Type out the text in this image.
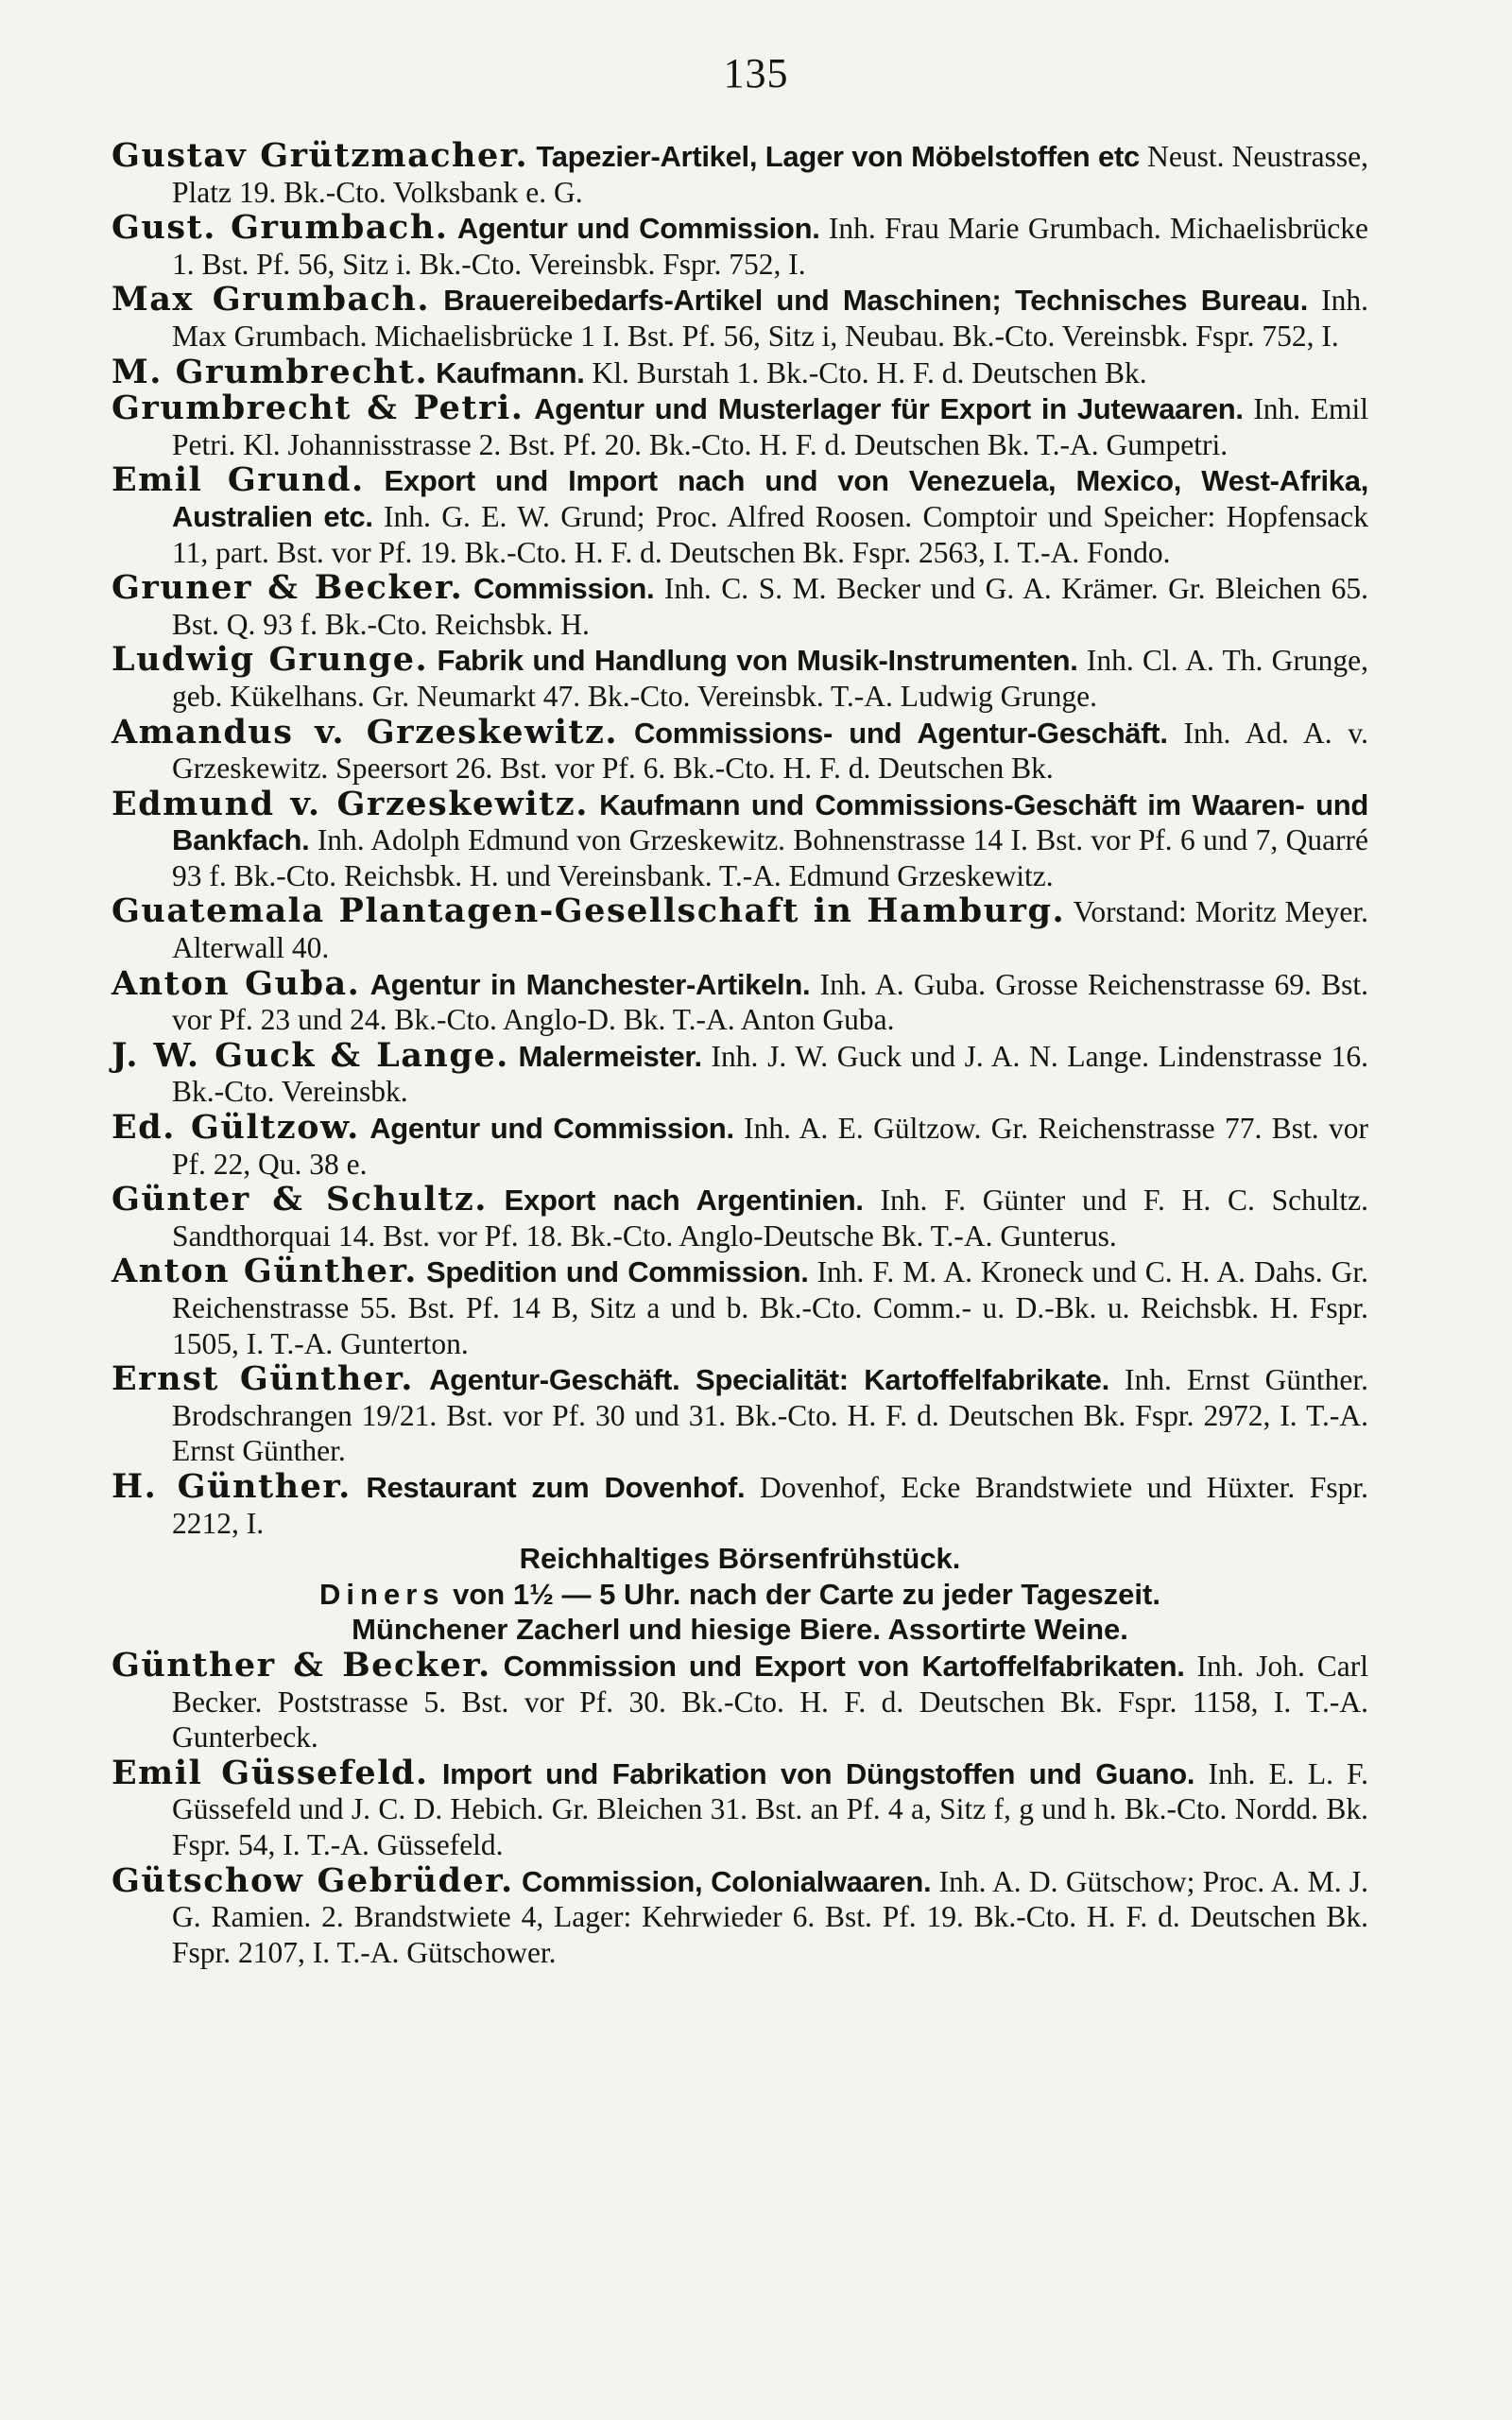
135

Gustav Grützmacher. Tapezier-Artikel, Lager von Möbelstoffen etc Neust. Neustrasse, Platz 19. Bk.-Cto. Volksbank e. G.

Gust. Grumbach. Agentur und Commission. Inh. Frau Marie Grumbach. Michaelisbrücke 1. Bst. Pf. 56, Sitz i. Bk.-Cto. Vereinsbk. Fspr. 752, I.

Max Grumbach. Brauereibedarfs-Artikel und Maschinen; Technisches Bureau. Inh. Max Grumbach. Michaelisbrücke 1 I. Bst. Pf. 56, Sitz i, Neubau. Bk.-Cto. Vereinsbk. Fspr. 752, I.

M. Grumbrecht. Kaufmann. Kl. Burstah 1. Bk.-Cto. H. F. d. Deutschen Bk.

Grumbrecht & Petri. Agentur und Musterlager für Export in Jutewaaren. Inh. Emil Petri. Kl. Johannisstrasse 2. Bst. Pf. 20. Bk.-Cto. H. F. d. Deutschen Bk. T.-A. Gumpetri.

Emil Grund. Export und Import nach und von Venezuela, Mexico, West-Afrika, Australien etc. Inh. G. E. W. Grund; Proc. Alfred Roosen. Comptoir und Speicher: Hopfensack 11, part. Bst. vor Pf. 19. Bk.-Cto. H. F. d. Deutschen Bk. Fspr. 2563, I. T.-A. Fondo.

Gruner & Becker. Commission. Inh. C. S. M. Becker und G. A. Krämer. Gr. Bleichen 65. Bst. Q. 93 f. Bk.-Cto. Reichsbk. H.

Ludwig Grunge. Fabrik und Handlung von Musik-Instrumenten. Inh. Cl. A. Th. Grunge, geb. Kükelhans. Gr. Neumarkt 47. Bk.-Cto. Vereinsbk. T.-A. Ludwig Grunge.

Amandus v. Grzeskewitz. Commissions- und Agentur-Geschäft. Inh. Ad. A. v. Grzeskewitz. Speersort 26. Bst. vor Pf. 6. Bk.-Cto. H. F. d. Deutschen Bk.

Edmund v. Grzeskewitz. Kaufmann und Commissions-Geschäft im Waaren- und Bankfach. Inh. Adolph Edmund von Grzeskewitz. Bohnenstrasse 14 I. Bst. vor Pf. 6 und 7, Quarré 93 f. Bk.-Cto. Reichsbk. H. und Vereinsbank. T.-A. Edmund Grzeskewitz.

Guatemala Plantagen-Gesellschaft in Hamburg. Vorstand: Moritz Meyer. Alterwall 40.

Anton Guba. Agentur in Manchester-Artikeln. Inh. A. Guba. Grosse Reichenstrasse 69. Bst. vor Pf. 23 und 24. Bk.-Cto. Anglo-D. Bk. T.-A. Anton Guba.

J. W. Guck & Lange. Malermeister. Inh. J. W. Guck und J. A. N. Lange. Lindenstrasse 16. Bk.-Cto. Vereinsbk.

Ed. Gültzow. Agentur und Commission. Inh. A. E. Gültzow. Gr. Reichenstrasse 77. Bst. vor Pf. 22, Qu. 38 e.

Günter & Schultz. Export nach Argentinien. Inh. F. Günter und F. H. C. Schultz. Sandthorquai 14. Bst. vor Pf. 18. Bk.-Cto. Anglo-Deutsche Bk. T.-A. Gunterus.

Anton Günther. Spedition und Commission. Inh. F. M. A. Kroneck und C. H. A. Dahs. Gr. Reichenstrasse 55. Bst. Pf. 14 B, Sitz a und b. Bk.-Cto. Comm.- u. D.-Bk. u. Reichsbk. H. Fspr. 1505, I. T.-A. Gunterton.

Ernst Günther. Agentur-Geschäft. Specialität: Kartoffelfabrikate. Inh. Ernst Günther. Brodschrangen 19/21. Bst. vor Pf. 30 und 31. Bk.-Cto. H. F. d. Deutschen Bk. Fspr. 2972, I. T.-A. Ernst Günther.

H. Günther. Restaurant zum Dovenhof. Dovenhof, Ecke Brandstwiete und Hüxter. Fspr. 2212, I.

Reichhaltiges Börsenfrühstück.

Diners von 1½ — 5 Uhr. nach der Carte zu jeder Tageszeit.

Münchener Zacherl und hiesige Biere. Assortirte Weine.

Günther & Becker. Commission und Export von Kartoffelfabrikaten. Inh. Joh. Carl Becker. Poststrasse 5. Bst. vor Pf. 30. Bk.-Cto. H. F. d. Deutschen Bk. Fspr. 1158, I. T.-A. Gunterbeck.

Emil Güssefeld. Import und Fabrikation von Düngstoffen und Guano. Inh. E. L. F. Güssefeld und J. C. D. Hebich. Gr. Bleichen 31. Bst. an Pf. 4 a, Sitz f, g und h. Bk.-Cto. Nordd. Bk. Fspr. 54, I. T.-A. Güssefeld.

Gütschow Gebrüder. Commission, Colonialwaaren. Inh. A. D. Gütschow; Proc. A. M. J. G. Ramien. 2. Brandstwiete 4, Lager: Kehrwieder 6. Bst. Pf. 19. Bk.-Cto. H. F. d. Deutschen Bk. Fspr. 2107, I. T.-A. Gütschower.
